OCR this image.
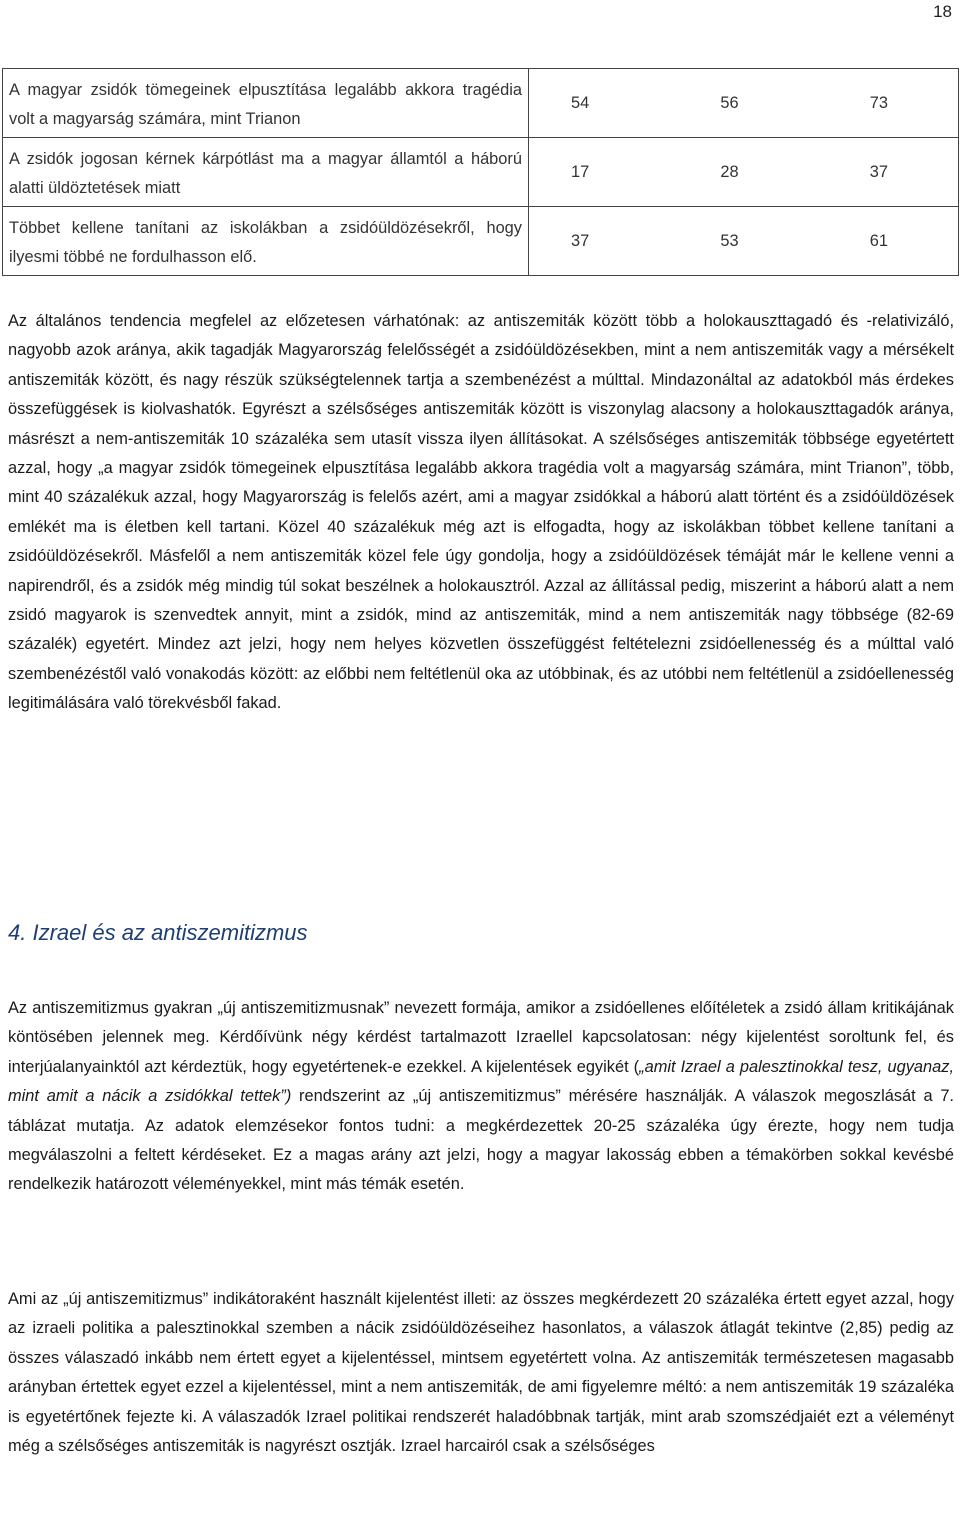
18
A magyar zsidók tömegeinek elpusztítása legalább akkora tragédia volt a magyarság számára, mint Trianon	54 56 73

A zsidók jogosan kérnek kárpótlást ma a magyar államtól a háború alatti üldöztetések miatt	17 28 37

Többet kellene tanítani az iskolákban a zsidóüldözésekről, hogy ilyesmi többé ne fordulhasson elő.	37 53 61

Az általános tendencia megfelel az előzetesen várhatónak: az antiszemiták között több a holokauszttagadó és -relativizáló, nagyobb azok aránya, akik tagadják Magyarország felelősségét a zsidóüldözésekben, mint a nem antiszemiták vagy a mérsékelt antiszemiták között, és nagy részük szükségtelennek tartja a szembenézést a múlttal. Mindazonáltal az adatokból más érdekes összefüggések is kiolvashatók. Egyrészt a szélsőséges antiszemiták között is viszonylag alacsony a holokauszttagadók aránya, másrészt a nem-antiszemiták 10 százaléka sem utasít vissza ilyen állításokat. A szélsőséges antiszemiták többsége egyetértett azzal, hogy „a magyar zsidók tömegeinek elpusztítása legalább akkora tragédia volt a magyarság számára, mint Trianon”, több, mint 40 százalékuk azzal, hogy Magyarország is felelős azért, ami a magyar zsidókkal a háború alatt történt és a zsidóüldözések emlékét ma is életben kell tartani. Közel 40 százalékuk még azt is elfogadta, hogy az iskolákban többet kellene tanítani a zsidóüldözésekről. Másfelől a nem antiszemiták közel fele úgy gondolja, hogy a zsidóüldözések témáját már le kellene venni a napirendről, és a zsidók még mindig túl sokat beszélnek a holokausztról. Azzal az állítással pedig, miszerint a háború alatt a nem zsidó magyarok is szenvedtek annyit, mint a zsidók, mind az antiszemiták, mind a nem antiszemiták nagy többsége (82-69 százalék) egyetért. Mindez azt jelzi, hogy nem helyes közvetlen összefüggést feltételezni zsidóellenesség és a múlttal való szembenézéstől való vonakodás között: az előbbi nem feltétlenül oka az utóbbinak, és az utóbbi nem feltétlenül a zsidóellenesség legitimálására való törekvésből fakad.

4. Izrael és az antiszemitizmus

Az antiszemitizmus gyakran „új antiszemitizmusnak” nevezett formája, amikor a zsidóellenes előítéletek a zsidó állam kritikájának köntösében jelennek meg. Kérdőívünk négy kérdést tartalmazott Izraellel kapcsolatosan: négy kijelentést soroltunk fel, és interjúalanyainktól azt kérdeztük, hogy egyetértenek-e ezekkel. A kijelentések egyikét („amit Izrael a palesztinokkal tesz, ugyanaz, mint amit a nácik a zsidókkal tettek”) rendszerint az „új antiszemitizmus” mérésére használják. A válaszok megoszlását a 7. táblázat mutatja. Az adatok elemzésekor fontos tudni: a megkérdezettek 20-25 százaléka úgy érezte, hogy nem tudja megválaszolni a feltett kérdéseket. Ez a magas arány azt jelzi, hogy a magyar lakosság ebben a témakörben sokkal kevésbé rendelkezik határozott véleményekkel, mint más témák esetén.

Ami az „új antiszemitizmus” indikátoraként használt kijelentést illeti: az összes megkérdezett 20 százaléka értett egyet azzal, hogy az izraeli politika a palesztinokkal szemben a nácik zsidóüldözéseihez hasonlatos, a válaszok átlagát tekintve (2,85) pedig az összes válaszadó inkább nem értett egyet a kijelentéssel, mintsem egyetértett volna. Az antiszemiták természetesen magasabb arányban értettek egyet ezzel a kijelentéssel, mint a nem antiszemiták, de ami figyelemre méltó: a nem antiszemiták 19 százaléka is egyetértőnek fejezte ki. A válaszadók Izrael politikai rendszerét haladóbbnak tartják, mint arab szomszédjaiét ezt a véleményt még a szélsőséges antiszemiták is nagyrészt osztják. Izrael harcairól csak a szélsőséges
